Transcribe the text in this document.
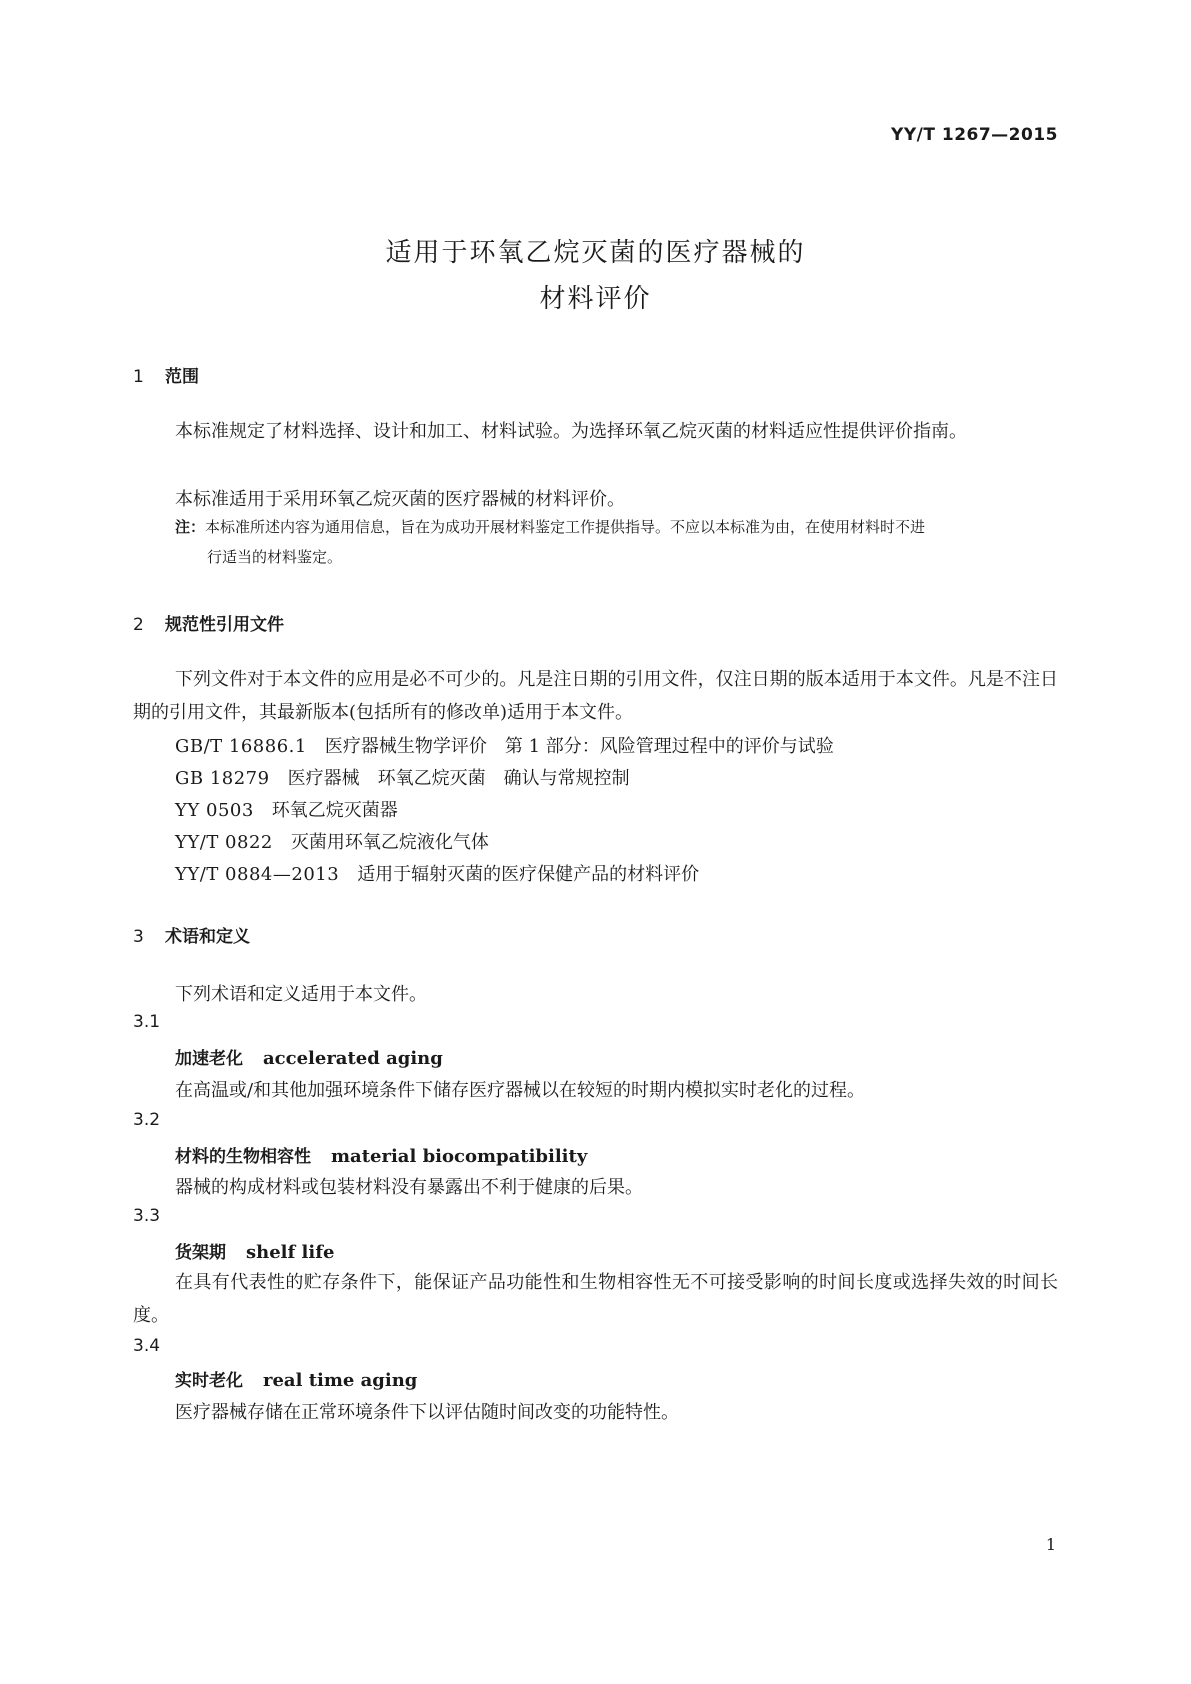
YY/T 1267—2015
适用于环氧乙烷灭菌的医疗器械的
材料评价
1 范围
本标准规定了材料选择、设计和加工、材料试验。为选择环氧乙烷灭菌的材料适应性提供评价指南。
本标准适用于采用环氧乙烷灭菌的医疗器械的材料评价。
注：本标准所述内容为通用信息，旨在为成功开展材料鉴定工作提供指导。不应以本标准为由，在使用材料时不进
行适当的材料鉴定。
2 规范性引用文件
下列文件对于本文件的应用是必不可少的。凡是注日期的引用文件，仅注日期的版本适用于本文件。凡是不注日期的引用文件，其最新版本(包括所有的修改单)适用于本文件。
GB/T 16886.1 医疗器械生物学评价　第 1 部分：风险管理过程中的评价与试验
GB 18279 医疗器械　环氧乙烷灭菌　确认与常规控制
YY 0503 环氧乙烷灭菌器
YY/T 0822 灭菌用环氧乙烷液化气体
YY/T 0884—2013 适用于辐射灭菌的医疗保健产品的材料评价
3 术语和定义
下列术语和定义适用于本文件。
3.1
加速老化 accelerated aging
在高温或/和其他加强环境条件下储存医疗器械以在较短的时期内模拟实时老化的过程。
3.2
材料的生物相容性 material biocompatibility
器械的构成材料或包装材料没有暴露出不利于健康的后果。
3.3
货架期 shelf life
在具有代表性的贮存条件下，能保证产品功能性和生物相容性无不可接受影响的时间长度或选择失效的时间长度。
3.4
实时老化 real time aging
医疗器械存储在正常环境条件下以评估随时间改变的功能特性。
1
